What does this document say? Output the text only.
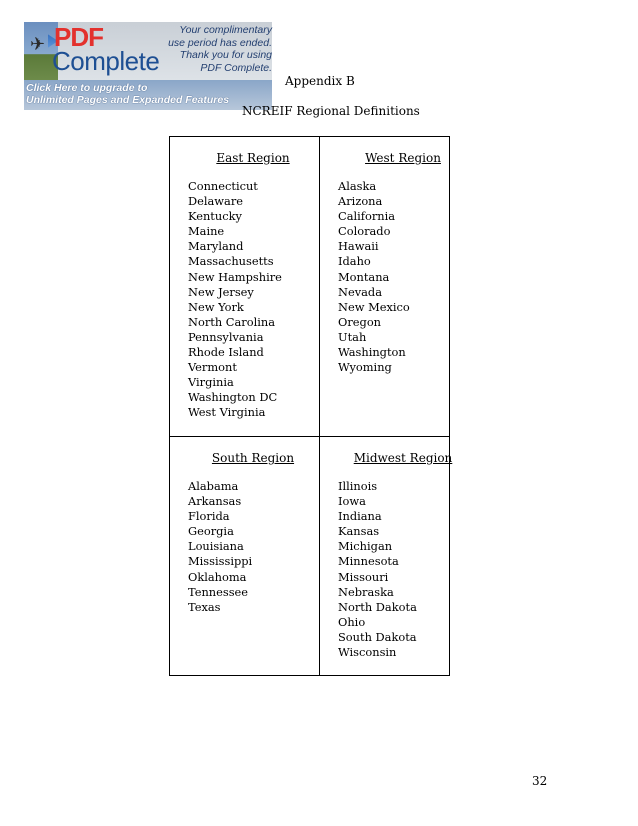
✈ PDF
Complete
Your complimentary
use period has ended.
Thank you for using
PDF Complete.
Click Here to upgrade to
Unlimited Pages and Expanded Features
Appendix B
NCREIF Regional Definitions
East Region
Connecticut
Delaware
Kentucky
Maine
Maryland
Massachusetts
New Hampshire
New Jersey
New York
North Carolina
Pennsylvania
Rhode Island
Vermont
Virginia
Washington DC
West Virginia
West Region
Alaska
Arizona
California
Colorado
Hawaii
Idaho
Montana
Nevada
New Mexico
Oregon
Utah
Washington
Wyoming
South Region
Alabama
Arkansas
Florida
Georgia
Louisiana
Mississippi
Oklahoma
Tennessee
Texas
Midwest Region
Illinois
Iowa
Indiana
Kansas
Michigan
Minnesota
Missouri
Nebraska
North Dakota
Ohio
South Dakota
Wisconsin
32
